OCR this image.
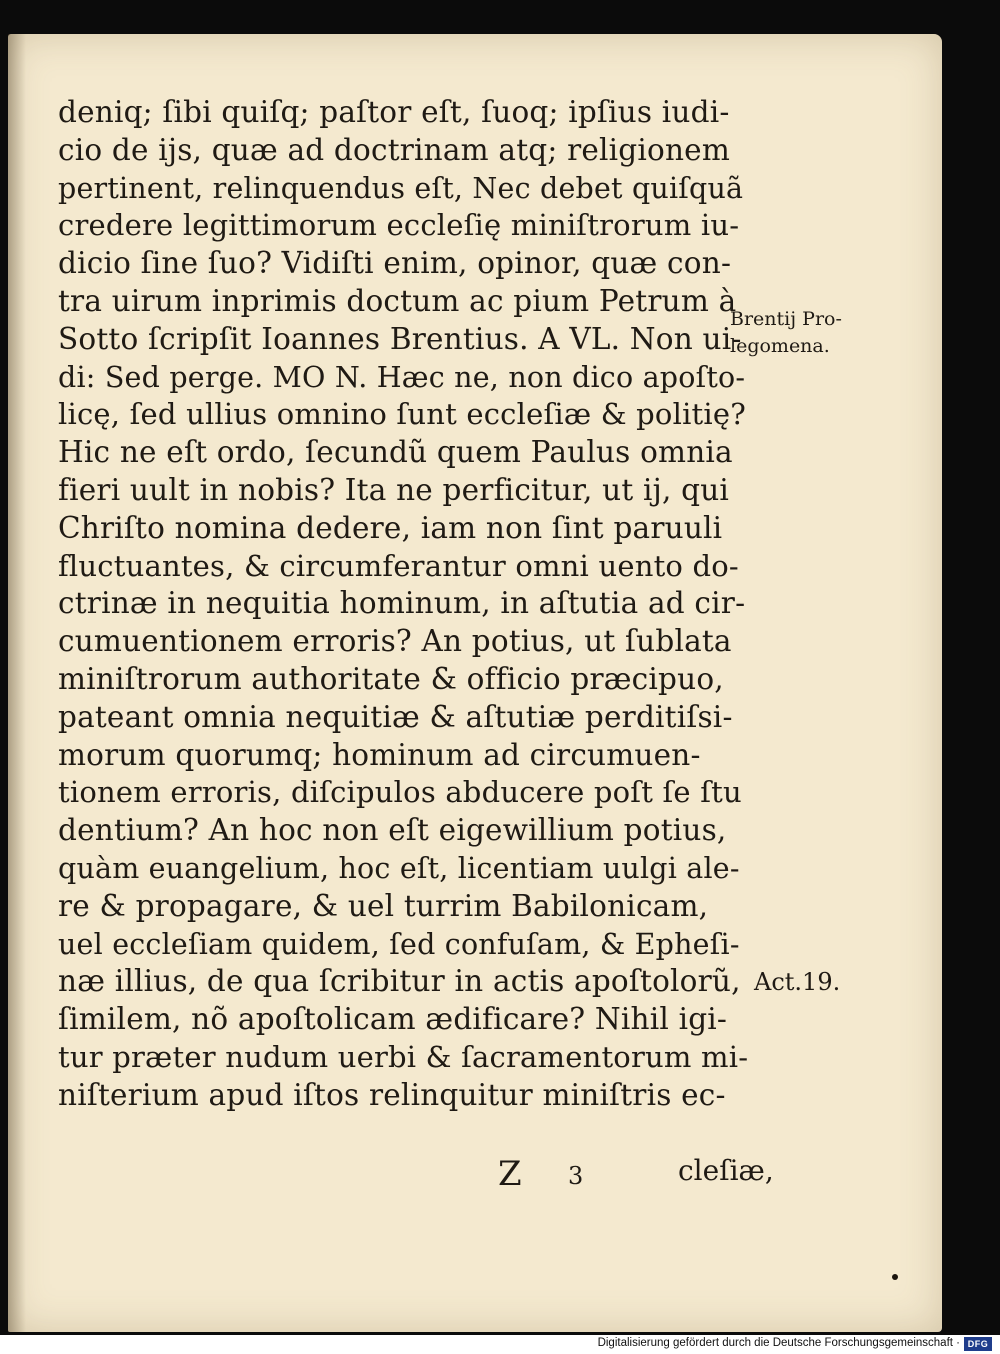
deniq; ſibi quiſq; paſtor eſt, ſuoq; ipſius iudi-
cio de ijs, quæ ad doctrinam atq; religionem
pertinent, relinquendus eſt, Nec debet quiſquã
credere legittimorum eccleſię miniſtrorum iu-
dicio ſine ſuo? Vidiſti enim, opinor, quæ con-
tra uirum inprimis doctum ac pium Petrum à
Sotto ſcripſit Ioannes Brentius. A VL. Non ui-
di: Sed perge. MO N. Hæc ne, non dico apoſto-
licę, ſed ullius omnino ſunt eccleſiæ & politię?
Hic ne eſt ordo, ſecundũ quem Paulus omnia
fieri uult in nobis? Ita ne perficitur, ut ij, qui
Chriſto nomina dedere, iam non ſint paruuli
fluctuantes, & circumferantur omni uento do-
ctrinæ in nequitia hominum, in aſtutia ad cir-
cumuentionem erroris? An potius, ut ſublata
miniſtrorum authoritate & officio præcipuo,
pateant omnia nequitiæ & aſtutiæ perditiſsi-
morum quorumq; hominum ad circumuen-
tionem erroris, diſcipulos abducere poſt ſe ſtu
dentium? An hoc non eſt eigewillium potius,
quàm euangelium, hoc eſt, licentiam uulgi ale-
re & propagare, & uel turrim Babilonicam,
uel eccleſiam quidem, ſed confuſam, & Epheſi-
næ illius, de qua ſcribitur in actis apoſtolorũ,
ſimilem, nõ apoſtolicam ædificare? Nihil igi-
tur præter nudum uerbi & ſacramentorum mi-
niſterium apud iſtos relinquitur miniſtris ec-
Brentij Pro-
legomena.
Act.19.
Z 3	cleſiæ,
Digitalisierung gefördert durch die Deutsche Forschungsgemeinschaft · DFG
